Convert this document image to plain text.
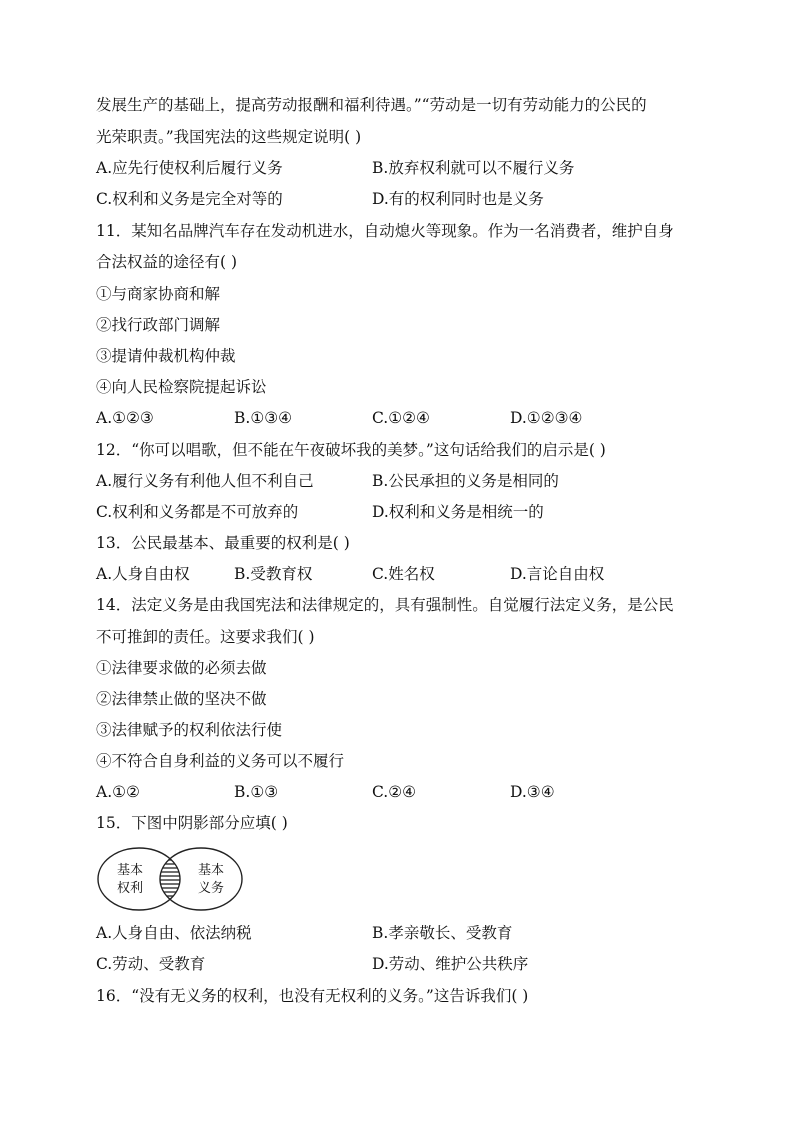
发展生产的基础上，提高劳动报酬和福利待遇。”“劳动是一切有劳动能力的公民的
光荣职责。”我国宪法的这些规定说明( )
A.应先行使权利后履行义务	B.放弃权利就可以不履行义务
C.权利和义务是完全对等的	D.有的权利同时也是义务
11．某知名品牌汽车存在发动机进水，自动熄火等现象。作为一名消费者，维护自身
合法权益的途径有( )
①与商家协商和解
②找行政部门调解
③提请仲裁机构仲裁
④向人民检察院提起诉讼
A.①②③	B.①③④	C.①②④	D.①②③④
12．“你可以唱歌，但不能在午夜破坏我的美梦。”这句话给我们的启示是( )
A.履行义务有利他人但不利自己	B.公民承担的义务是相同的
C.权利和义务都是不可放弃的	D.权利和义务是相统一的
13．公民最基本、最重要的权利是( )
A.人身自由权	B.受教育权	C.姓名权	D.言论自由权
14．法定义务是由我国宪法和法律规定的，具有强制性。自觉履行法定义务，是公民
不可推卸的责任。这要求我们( )
①法律要求做的必须去做
②法律禁止做的坚决不做
③法律赋予的权利依法行使
④不符合自身利益的义务可以不履行
A.①②	B.①③	C.②④	D.③④
15．下图中阴影部分应填( )
基本
权利
基本
义务
A.人身自由、依法纳税	B.孝亲敬长、受教育
C.劳动、受教育	D.劳动、维护公共秩序
16．“没有无义务的权利，也没有无权利的义务。”这告诉我们( )
